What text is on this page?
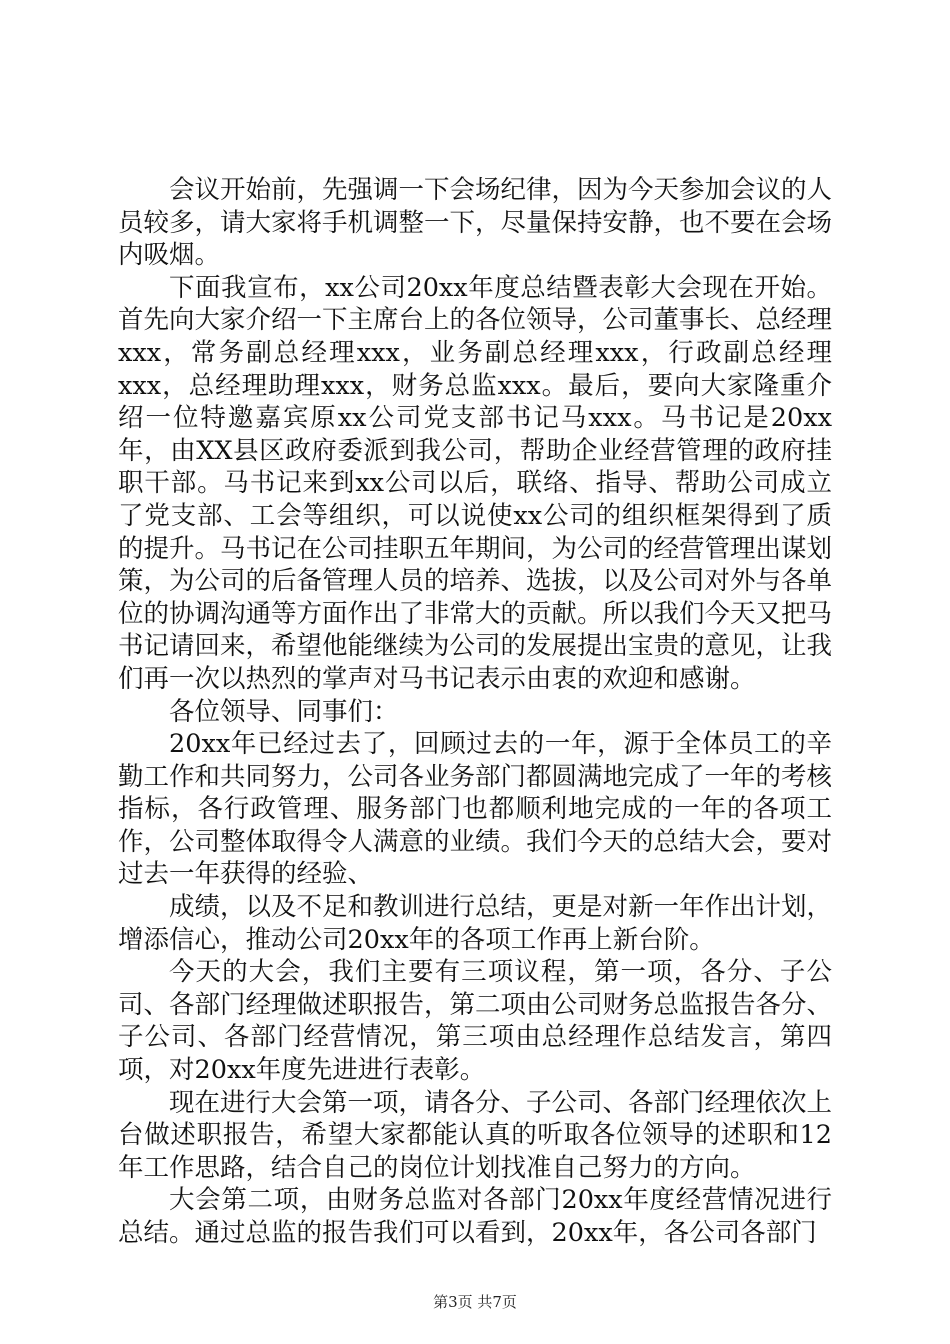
会议开始前，先强调一下会场纪律，因为今天参加会议的人员较多，请大家将手机调整一下，尽量保持安静，也不要在会场内吸烟。

下面我宣布，xx公司20xx年度总结暨表彰大会现在开始。首先向大家介绍一下主席台上的各位领导，公司董事长、总经理xxx，常务副总经理xxx，业务副总经理xxx，行政副总经理xxx，总经理助理xxx，财务总监xxx。最后，要向大家隆重介绍一位特邀嘉宾原xx公司党支部书记马xxx。马书记是20xx年，由XX县区政府委派到我公司，帮助企业经营管理的政府挂职干部。马书记来到xx公司以后，联络、指导、帮助公司成立了党支部、工会等组织，可以说使xx公司的组织框架得到了质的提升。马书记在公司挂职五年期间，为公司的经营管理出谋划策，为公司的后备管理人员的培养、选拔，以及公司对外与各单位的协调沟通等方面作出了非常大的贡献。所以我们今天又把马书记请回来，希望他能继续为公司的发展提出宝贵的意见，让我们再一次以热烈的掌声对马书记表示由衷的欢迎和感谢。

各位领导、同事们：

20xx年已经过去了，回顾过去的一年，源于全体员工的辛勤工作和共同努力，公司各业务部门都圆满地完成了一年的考核指标，各行政管理、服务部门也都顺利地完成的一年的各项工作，公司整体取得令人满意的业绩。我们今天的总结大会，要对过去一年获得的经验、

成绩，以及不足和教训进行总结，更是对新一年作出计划，增添信心，推动公司20xx年的各项工作再上新台阶。

今天的大会，我们主要有三项议程，第一项，各分、子公司、各部门经理做述职报告，第二项由公司财务总监报告各分、子公司、各部门经营情况，第三项由总经理作总结发言，第四项，对20xx年度先进进行表彰。

现在进行大会第一项，请各分、子公司、各部门经理依次上台做述职报告，希望大家都能认真的听取各位领导的述职和12年工作思路，结合自己的岗位计划找准自己努力的方向。

大会第二项，由财务总监对各部门20xx年度经营情况进行总结。通过总监的报告我们可以看到，20xx年，各公司各部门

第3页 共7页
